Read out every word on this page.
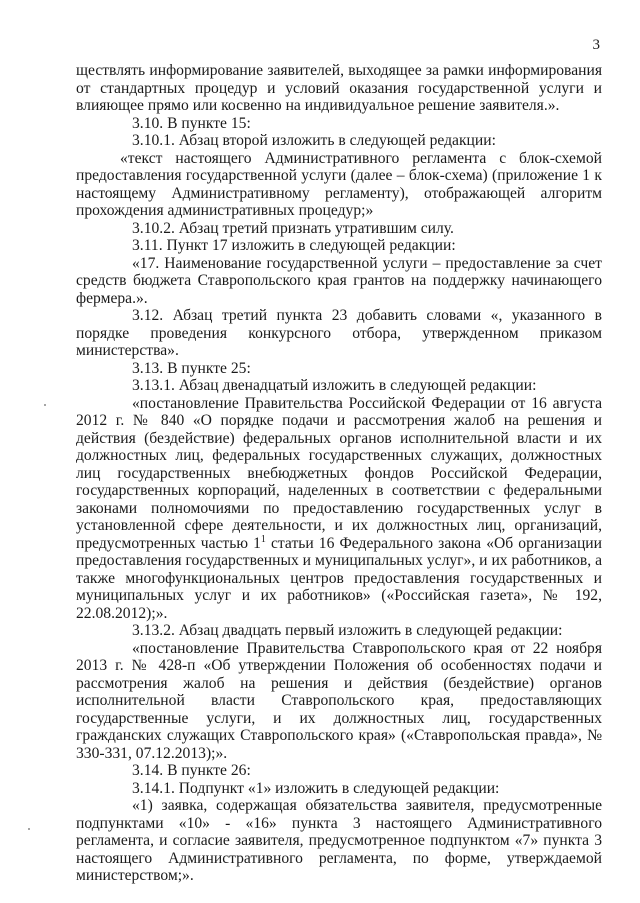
3

ществлять информирование заявителей, выходящее за рамки информирования от стандартных процедур и условий оказания государственной услуги и влияющее прямо или косвенно на индивидуальное решение заявителя.».

3.10. В пункте 15:

3.10.1. Абзац второй изложить в следующей редакции:

«текст настоящего Административного регламента с блок-схемой предоставления государственной услуги (далее – блок-схема) (приложение 1 к настоящему Административному регламенту), отображающей алгоритм прохождения административных процедур;»

3.10.2. Абзац третий признать утратившим силу.

3.11. Пункт 17 изложить в следующей редакции:

«17. Наименование государственной услуги – предоставление за счет средств бюджета Ставропольского края грантов на поддержку начинающего фермера.».

3.12. Абзац третий пункта 23 добавить словами «, указанного в порядке проведения конкурсного отбора, утвержденном приказом министерства».

3.13. В пункте 25:

3.13.1. Абзац двенадцатый изложить в следующей редакции:

«постановление Правительства Российской Федерации от 16 августа 2012 г. № 840 «О порядке подачи и рассмотрения жалоб на решения и действия (бездействие) федеральных органов исполнительной власти и их должностных лиц, федеральных государственных служащих, должностных лиц государственных внебюджетных фондов Российской Федерации, государственных корпораций, наделенных в соответствии с федеральными законами полномочиями по предоставлению государственных услуг в установленной сфере деятельности, и их должностных лиц, организаций, предусмотренных частью $1^1$ статьи 16 Федерального закона «Об организации предоставления государственных и муниципальных услуг», и их работников, а также многофункциональных центров предоставления государственных и муниципальных услуг и их работников» («Российская газета», № 192, 22.08.2012);».

3.13.2. Абзац двадцать первый изложить в следующей редакции:

«постановление Правительства Ставропольского края от 22 ноября 2013 г. № 428-п «Об утверждении Положения об особенностях подачи и рассмотрения жалоб на решения и действия (бездействие) органов исполнительной власти Ставропольского края, предоставляющих государственные услуги, и их должностных лиц, государственных гражданских служащих Ставропольского края» («Ставропольская правда», № 330-331, 07.12.2013);».

3.14. В пункте 26:

3.14.1. Подпункт «1» изложить в следующей редакции:

«1) заявка, содержащая обязательства заявителя, предусмотренные подпунктами «10» - «16» пункта 3 настоящего Административного регламента, и согласие заявителя, предусмотренное подпунктом «7» пункта 3 настоящего Административного регламента, по форме, утверждаемой министерством;».
